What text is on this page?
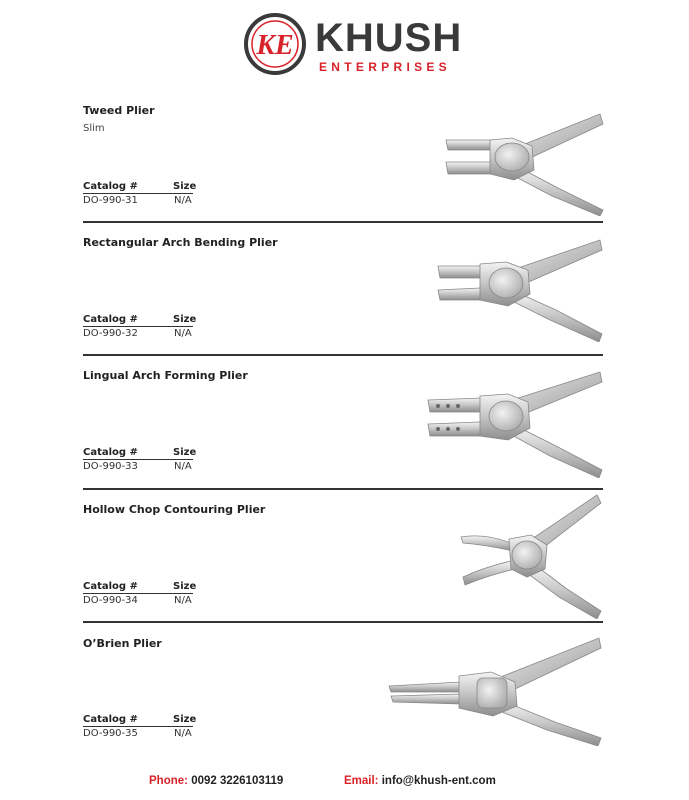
KE KHUSH
ENTERPRISES
Tweed Plier
Slim
Catalog #	Size
DO-990-31	N/A
Rectangular Arch Bending Plier
Catalog #	Size
DO-990-32	N/A
Lingual Arch Forming Plier
Catalog #	Size
DO-990-33	N/A
Hollow Chop Contouring Plier
Catalog #	Size
DO-990-34	N/A
O’Brien Plier
Catalog #	Size
DO-990-35	N/A
Phone: 0092 3226103119	Email: info@khush-ent.com
